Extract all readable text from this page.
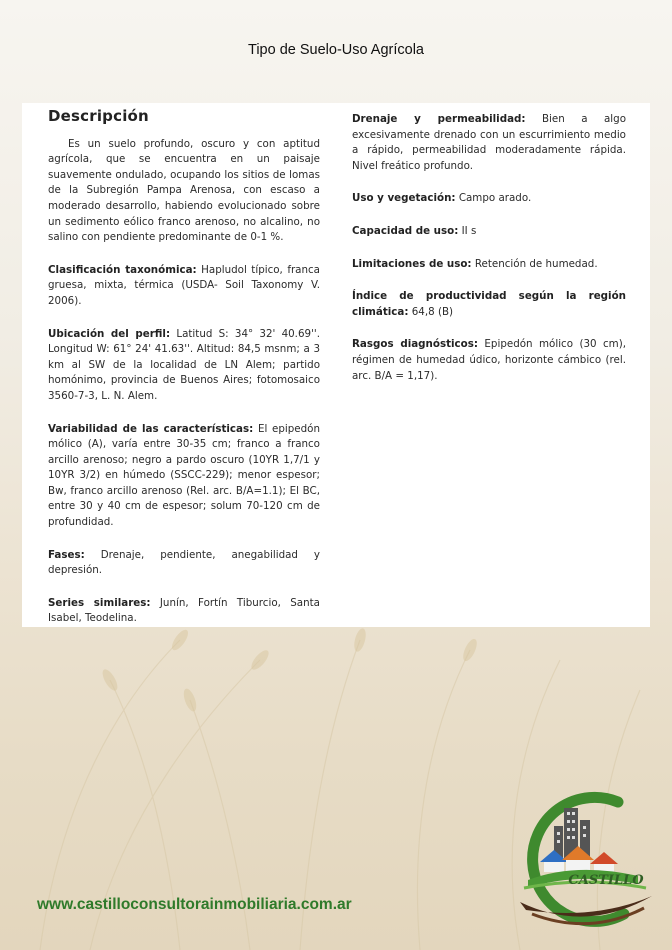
Tipo de Suelo-Uso Agrícola
Descripción

Es un suelo profundo, oscuro y con aptitud agrícola, que se encuentra en un paisaje suavemente ondulado, ocupando los sitios de lomas de la Subregión Pampa Arenosa, con escaso a moderado desarrollo, habiendo evolucionado sobre un sedimento eólico franco arenoso, no alcalino, no salino con pendiente predominante de 0-1 %.

Clasificación taxonómica: Hapludol típico, franca gruesa, mixta, térmica (USDA- Soil Taxonomy V. 2006).

Ubicación del perfil: Latitud S: 34° 32' 40.69''. Longitud W: 61° 24' 41.63''. Altitud: 84,5 msnm; a 3 km al SW de la localidad de LN Alem; partido homónimo, provincia de Buenos Aires; fotomosaico 3560-7-3, L. N. Alem.

Variabilidad de las características: El epipedón mólico (A), varía entre 30-35 cm; franco a franco arcillo arenoso; negro a pardo oscuro (10YR 1,7/1 y 10YR 3/2) en húmedo (SSCC-229); menor espesor; Bw, franco arcillo arenoso (Rel. arc. B/A=1.1); El BC, entre 30 y 40 cm de espesor; solum 70-120 cm de profundidad.

Fases: Drenaje, pendiente, anegabilidad y depresión.

Series similares: Junín, Fortín Tiburcio, Santa Isabel, Teodelina.

Drenaje y permeabilidad: Bien a algo excesivamente drenado con un escurrimiento medio a rápido, permeabilidad moderadamente rápida. Nivel freático profundo.

Uso y vegetación: Campo arado.

Capacidad de uso: II s

Limitaciones de uso: Retención de humedad.

Índice de productividad según la región climática: 64,8 (B)

Rasgos diagnósticos: Epipedón mólico (30 cm), régimen de humedad údico, horizonte cámbico (rel. arc. B/A = 1,17).

www.castilloconsultorainmobiliaria.com.ar
CASTILLO
